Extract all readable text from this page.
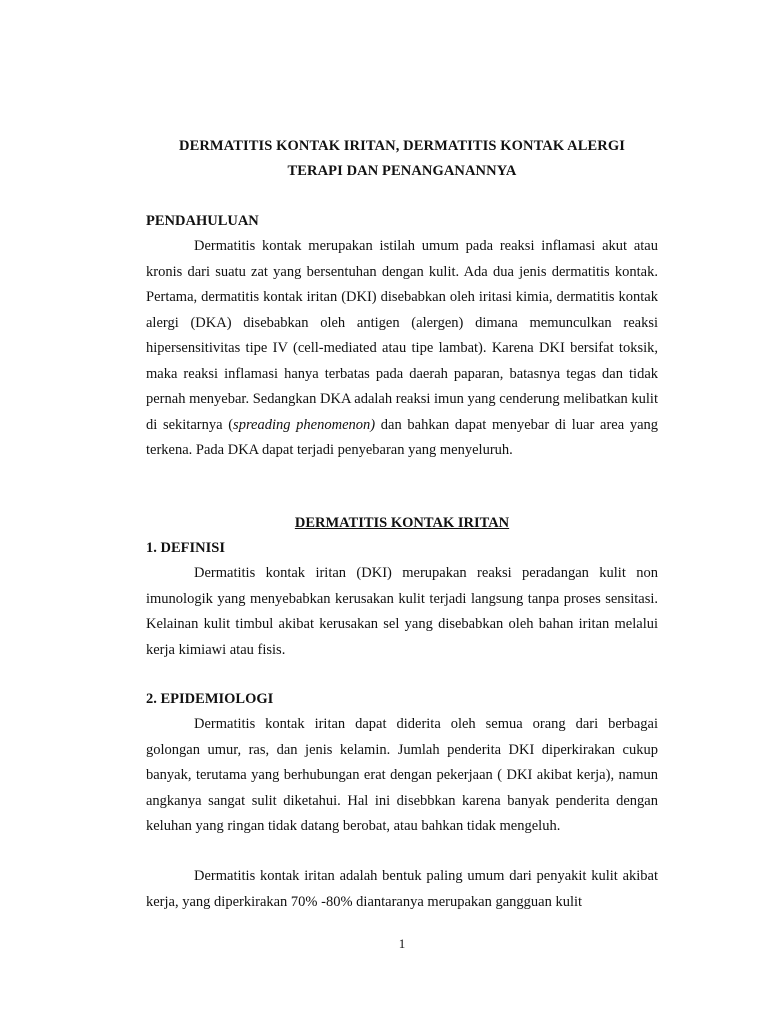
DERMATITIS KONTAK IRITAN, DERMATITIS KONTAK ALERGI
TERAPI DAN PENANGANANNYA
PENDAHULUAN

Dermatitis kontak merupakan istilah umum pada reaksi inflamasi akut atau kronis dari suatu zat yang bersentuhan dengan kulit. Ada dua jenis dermatitis kontak. Pertama, dermatitis kontak iritan (DKI) disebabkan oleh iritasi kimia, dermatitis kontak alergi (DKA) disebabkan oleh antigen (alergen) dimana memunculkan reaksi hipersensitivitas tipe IV (cell-mediated atau tipe lambat). Karena DKI bersifat toksik, maka reaksi inflamasi hanya terbatas pada daerah paparan, batasnya tegas dan tidak pernah menyebar. Sedangkan DKA adalah reaksi imun yang cenderung melibatkan kulit di sekitarnya (spreading phenomenon) dan bahkan dapat menyebar di luar area yang terkena. Pada DKA dapat terjadi penyebaran yang menyeluruh.

DERMATITIS KONTAK IRITAN
1. DEFINISI

Dermatitis kontak iritan (DKI) merupakan reaksi peradangan kulit non imunologik yang menyebabkan kerusakan kulit terjadi langsung tanpa proses sensitasi. Kelainan kulit timbul akibat kerusakan sel yang disebabkan oleh bahan iritan melalui kerja kimiawi atau fisis.

2. EPIDEMIOLOGI

Dermatitis kontak iritan dapat diderita oleh semua orang dari berbagai golongan umur, ras, dan jenis kelamin. Jumlah penderita DKI diperkirakan cukup banyak, terutama yang berhubungan erat dengan pekerjaan ( DKI akibat kerja), namun angkanya sangat sulit diketahui. Hal ini disebbkan karena banyak penderita dengan keluhan yang ringan tidak datang berobat, atau bahkan tidak mengeluh.

Dermatitis kontak iritan adalah bentuk paling umum dari penyakit kulit akibat kerja, yang diperkirakan 70% -80% diantaranya merupakan gangguan kulit

1
